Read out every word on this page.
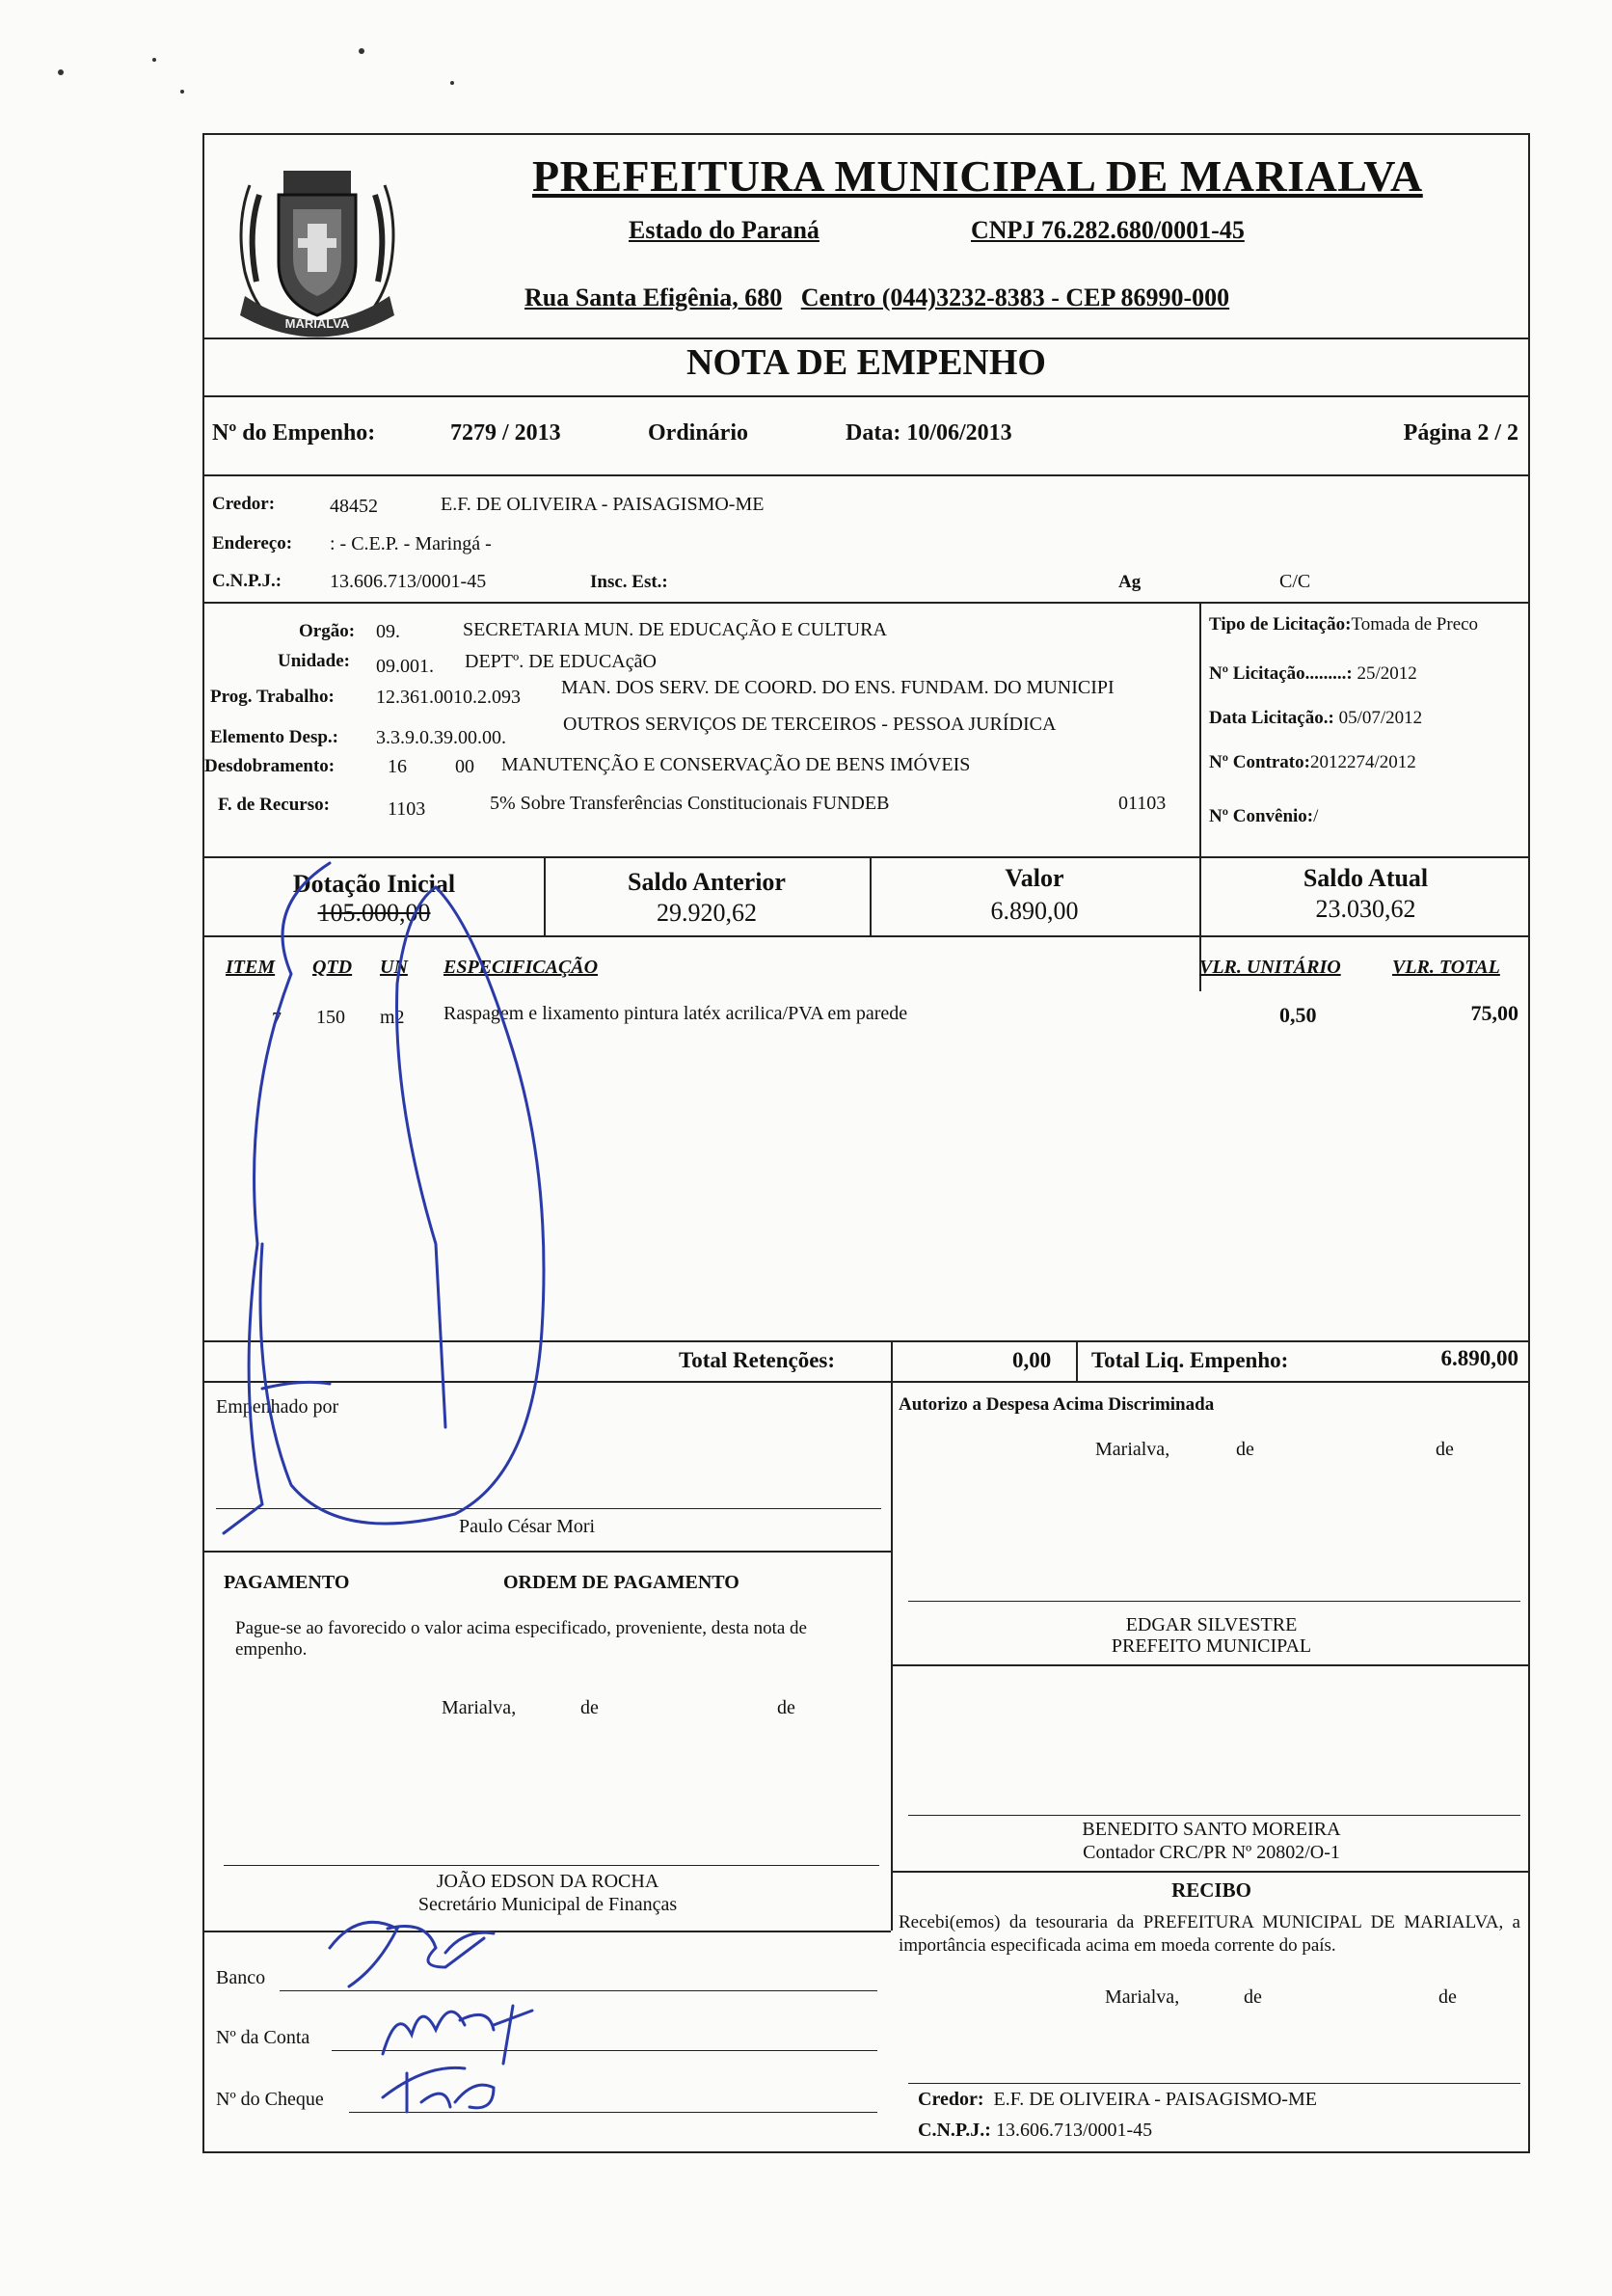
MARIALVA
PREFEITURA MUNICIPAL DE MARIALVA
Estado do Paraná	CNPJ 76.282.680/0001-45
Rua Santa Efigênia, 680 Centro (044)3232-8383 - CEP 86990-000
NOTA DE EMPENHO
Nº do Empenho:	7279 / 2013	Ordinário	Data: 10/06/2013	Página 2 / 2
Credor:	48452	E.F. DE OLIVEIRA - PAISAGISMO-ME
Endereço: : - C.E.P. - Maringá -
C.N.P.J.: 13.606.713/0001-45	Insc. Est.:	Ag	C/C
Orgão: 09.	SECRETARIA MUN. DE EDUCAÇÃO E CULTURA
Unidade: 09.001. DEPTº. DE EDUCAçãO
Prog. Trabalho: 12.361.0010.2.093 MAN. DOS SERV. DE COORD. DO ENS. FUNDAM. DO MUNICIPI
Elemento Desp.: 3.3.9.0.39.00.00.
OUTROS SERVIÇOS DE TERCEIROS - PESSOA JURÍDICA
Desdobramento:	16	00 MANUTENÇÃO E CONSERVAÇÃO DE BENS IMÓVEIS
F. de Recurso:	1103	5% Sobre Transferências Constitucionais FUNDEB	01103
Tipo de Licitação:Tomada de Preco
Nº Licitação.........: 25/2012
Data Licitação.: 05/07/2012
Nº Contrato:2012274/2012
Nº Convênio:/
Dotação Inicial
105.000,00
Saldo Anterior
29.920,62
Valor
6.890,00
Saldo Atual
23.030,62
ITEM QTD UN ESPECIFICAÇÃO	VLR. UNITÁRIO	VLR. TOTAL
7 150 m2 Raspagem e lixamento pintura latéx acrilica/PVA em parede	0,50	75,00
Total Retenções:	0,00 Total Liq. Empenho:	6.890,00
Empenhado por
Paulo César Mori
Autorizo a Despesa Acima Discriminada
Marialva,	de	de
EDGAR SILVESTRE
PREFEITO MUNICIPAL
PAGAMENTO	ORDEM DE PAGAMENTO
Pague-se ao favorecido o valor acima especificado, proveniente, desta nota de empenho.
Marialva,	de	de
BENEDITO SANTO MOREIRA
Contador CRC/PR Nº 20802/O-1
JOÃO EDSON DA ROCHA
Secretário Municipal de Finanças
RECIBO
Recebi(emos) da tesouraria da PREFEITURA MUNICIPAL DE MARIALVA, a importância especificada acima em moeda corrente do país.
Marialva,	de	de
Banco
Nº da Conta
Nº do Cheque	Credor: E.F. DE OLIVEIRA - PAISAGISMO-ME
C.N.P.J.: 13.606.713/0001-45
